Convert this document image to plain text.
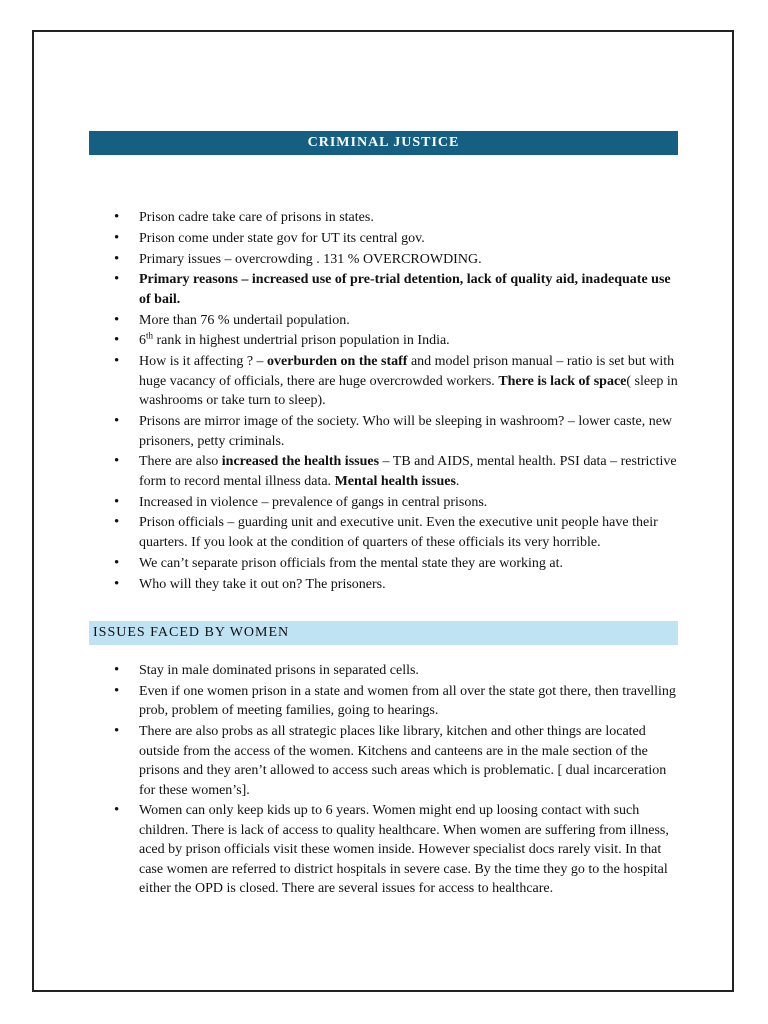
CRIMINAL JUSTICE
• Prison cadre take care of prisons in states.
• Prison come under state gov for UT its central gov.
• Primary issues – overcrowding . 131 % OVERCROWDING.
• Primary reasons – increased use of pre-trial detention, lack of quality aid, inadequate use of bail.
• More than 76 % undertail population.
• 6th rank in highest undertrial prison population in India.
• How is it affecting ? – overburden on the staff and model prison manual – ratio is set but with huge vacancy of officials, there are huge overcrowded workers. There is lack of space( sleep in washrooms or take turn to sleep).
• Prisons are mirror image of the society. Who will be sleeping in washroom? – lower caste, new prisoners, petty criminals.
• There are also increased the health issues – TB and AIDS, mental health. PSI data – restrictive form to record mental illness data. Mental health issues.
• Increased in violence – prevalence of gangs in central prisons.
• Prison officials – guarding unit and executive unit. Even the executive unit people have their quarters. If you look at the condition of quarters of these officials its very horrible.
• We can’t separate prison officials from the mental state they are working at.
• Who will they take it out on? The prisoners.
ISSUES FACED BY WOMEN
• Stay in male dominated prisons in separated cells.
• Even if one women prison in a state and women from all over the state got there, then travelling prob, problem of meeting families, going to hearings.
• There are also probs as all strategic places like library, kitchen and other things are located outside from the access of the women. Kitchens and canteens are in the male section of the prisons and they aren’t allowed to access such areas which is problematic. [ dual incarceration for these women’s].
• Women can only keep kids up to 6 years. Women might end up loosing contact with such children. There is lack of access to quality healthcare. When women are suffering from illness, aced by prison officials visit these women inside. However specialist docs rarely visit. In that case women are referred to district hospitals in severe case. By the time they go to the hospital either the OPD is closed. There are several issues for access to healthcare.
